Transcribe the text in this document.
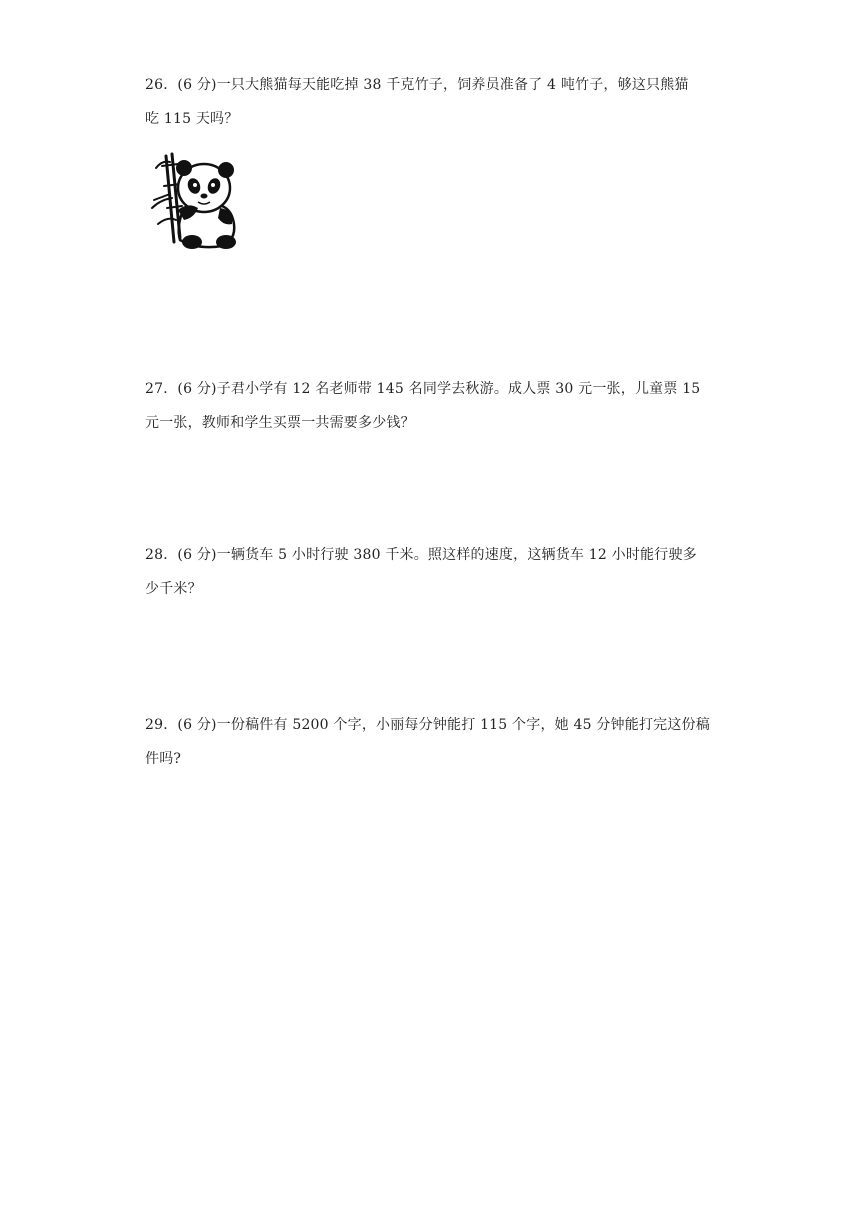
26．(6 分)一只大熊猫每天能吃掉 38 千克竹子，饲养员准备了 4 吨竹子，够这只熊猫
吃 115 天吗？
27．(6 分)子君小学有 12 名老师带 145 名同学去秋游。成人票 30 元一张，儿童票 15
元一张，教师和学生买票一共需要多少钱？
28．(6 分)一辆货车 5 小时行驶 380 千米。照这样的速度，这辆货车 12 小时能行驶多
少千米？
29．(6 分)一份稿件有 5200 个字，小丽每分钟能打 115 个字，她 45 分钟能打完这份稿
件吗?
